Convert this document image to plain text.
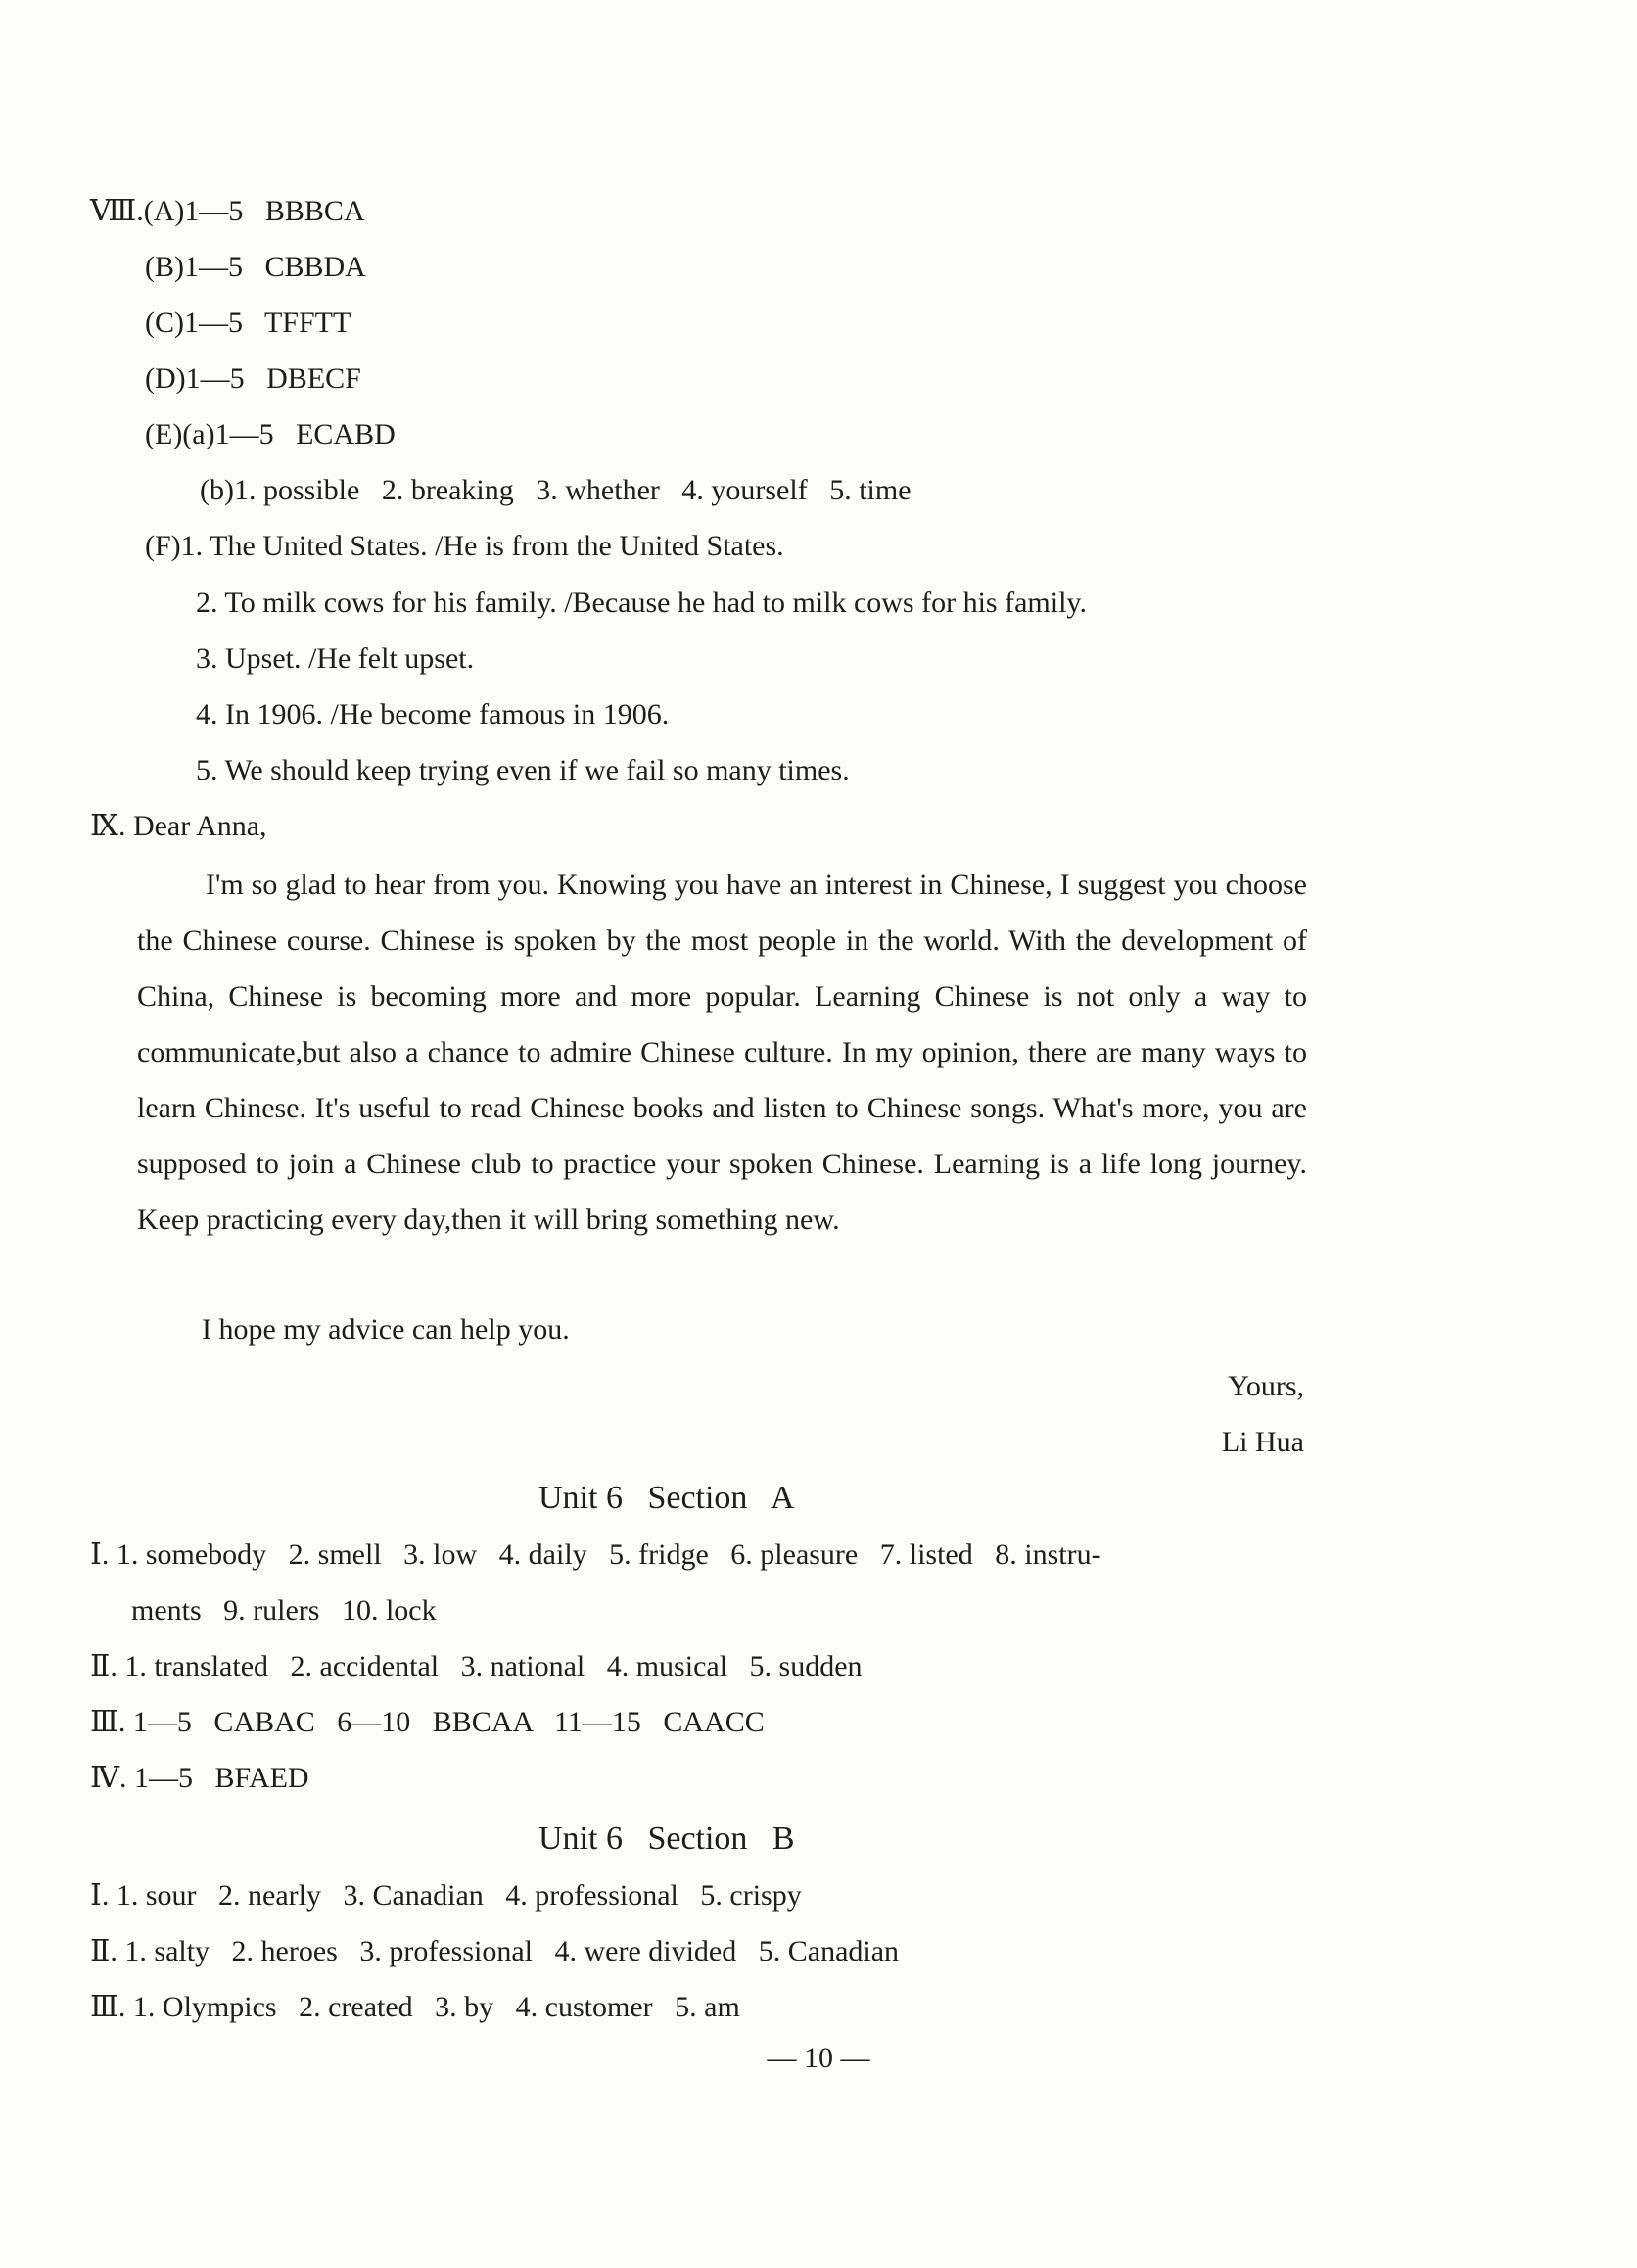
Ⅷ.(A)1—5   BBBCA
(B)1—5   CBBDA
(C)1—5   TFFTT
(D)1—5   DBECF
(E)(a)1—5   ECABD
(b)1. possible   2. breaking   3. whether   4. yourself   5. time
(F)1. The United States. /He is from the United States.
2. To milk cows for his family. /Because he had to milk cows for his family.
3. Upset. /He felt upset.
4. In 1906. /He become famous in 1906.
5. We should keep trying even if we fail so many times.
Ⅸ. Dear Anna,
I'm so glad to hear from you. Knowing you have an interest in Chinese, I suggest you choose the Chinese course. Chinese is spoken by the most people in the world. With the development of China, Chinese is becoming more and more popular. Learning Chinese is not only a way to communicate,but also a chance to admire Chinese culture. In my opinion, there are many ways to learn Chinese. It's useful to read Chinese books and listen to Chinese songs. What's more, you are supposed to join a Chinese club to practice your spoken Chinese. Learning is a life long journey. Keep practicing every day,then it will bring something new.
I hope my advice can help you.
Yours,
Li Hua
Unit 6   Section   A
Ⅰ. 1. somebody   2. smell   3. low   4. daily   5. fridge   6. pleasure   7. listed   8. instru-
ments   9. rulers   10. lock
Ⅱ. 1. translated   2. accidental   3. national   4. musical   5. sudden
Ⅲ. 1—5   CABAC   6—10   BBCAA   11—15   CAACC
Ⅳ. 1—5   BFAED
Unit 6   Section   B
Ⅰ. 1. sour   2. nearly   3. Canadian   4. professional   5. crispy
Ⅱ. 1. salty   2. heroes   3. professional   4. were divided   5. Canadian
Ⅲ. 1. Olympics   2. created   3. by   4. customer   5. am
— 10 —
